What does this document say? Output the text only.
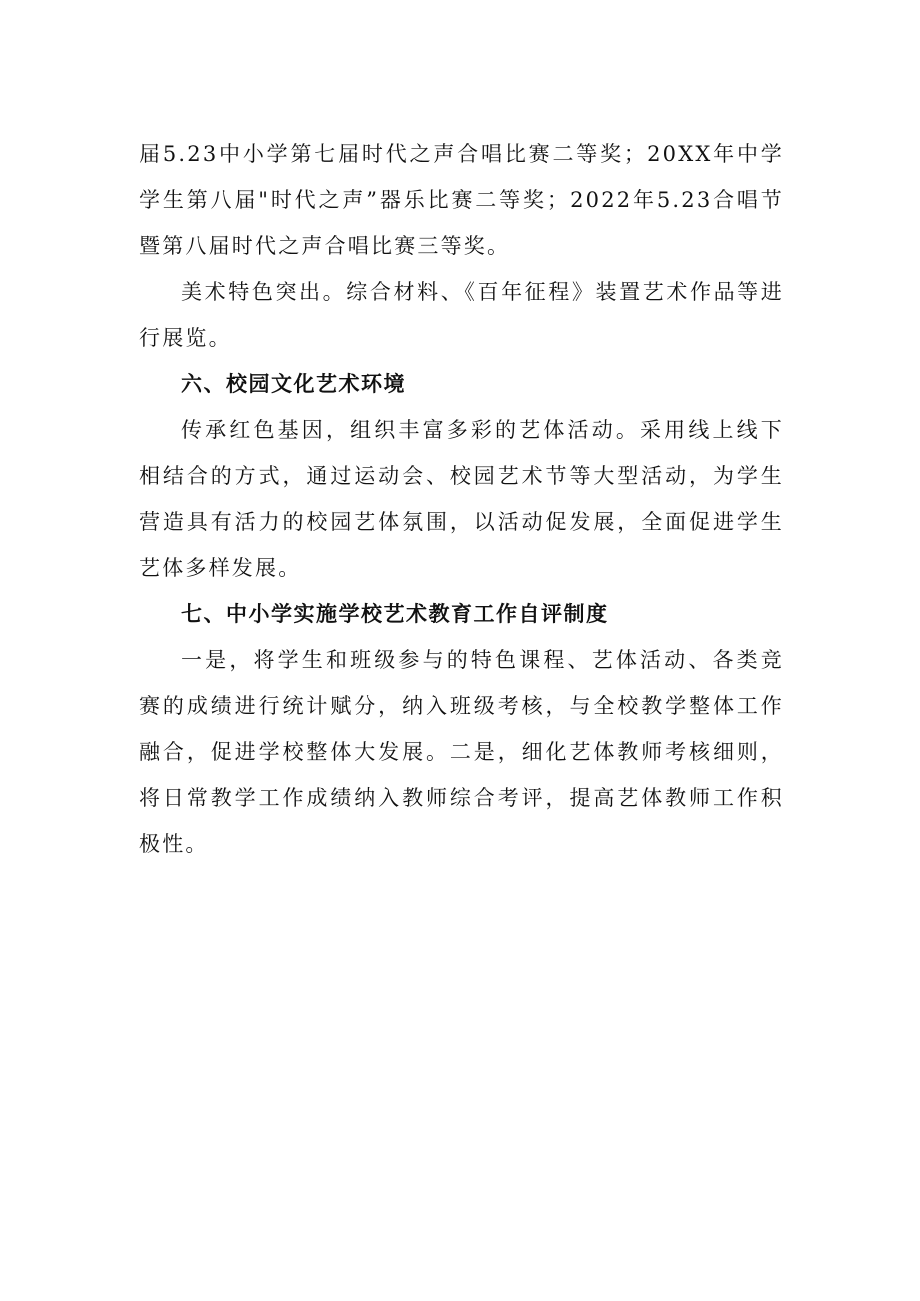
届5.23中小学第七届时代之声合唱比赛二等奖；20XX年中学学生第八届"时代之声”器乐比赛二等奖；2022年5.23合唱节暨第八届时代之声合唱比赛三等奖。

美术特色突出。综合材料、《百年征程》装置艺术作品等进行展览。

六、校园文化艺术环境

传承红色基因，组织丰富多彩的艺体活动。采用线上线下相结合的方式，通过运动会、校园艺术节等大型活动，为学生营造具有活力的校园艺体氛围，以活动促发展，全面促进学生艺体多样发展。

七、中小学实施学校艺术教育工作自评制度

一是，将学生和班级参与的特色课程、艺体活动、各类竞赛的成绩进行统计赋分，纳入班级考核，与全校教学整体工作融合，促进学校整体大发展。二是，细化艺体教师考核细则，将日常教学工作成绩纳入教师综合考评，提高艺体教师工作积极性。
